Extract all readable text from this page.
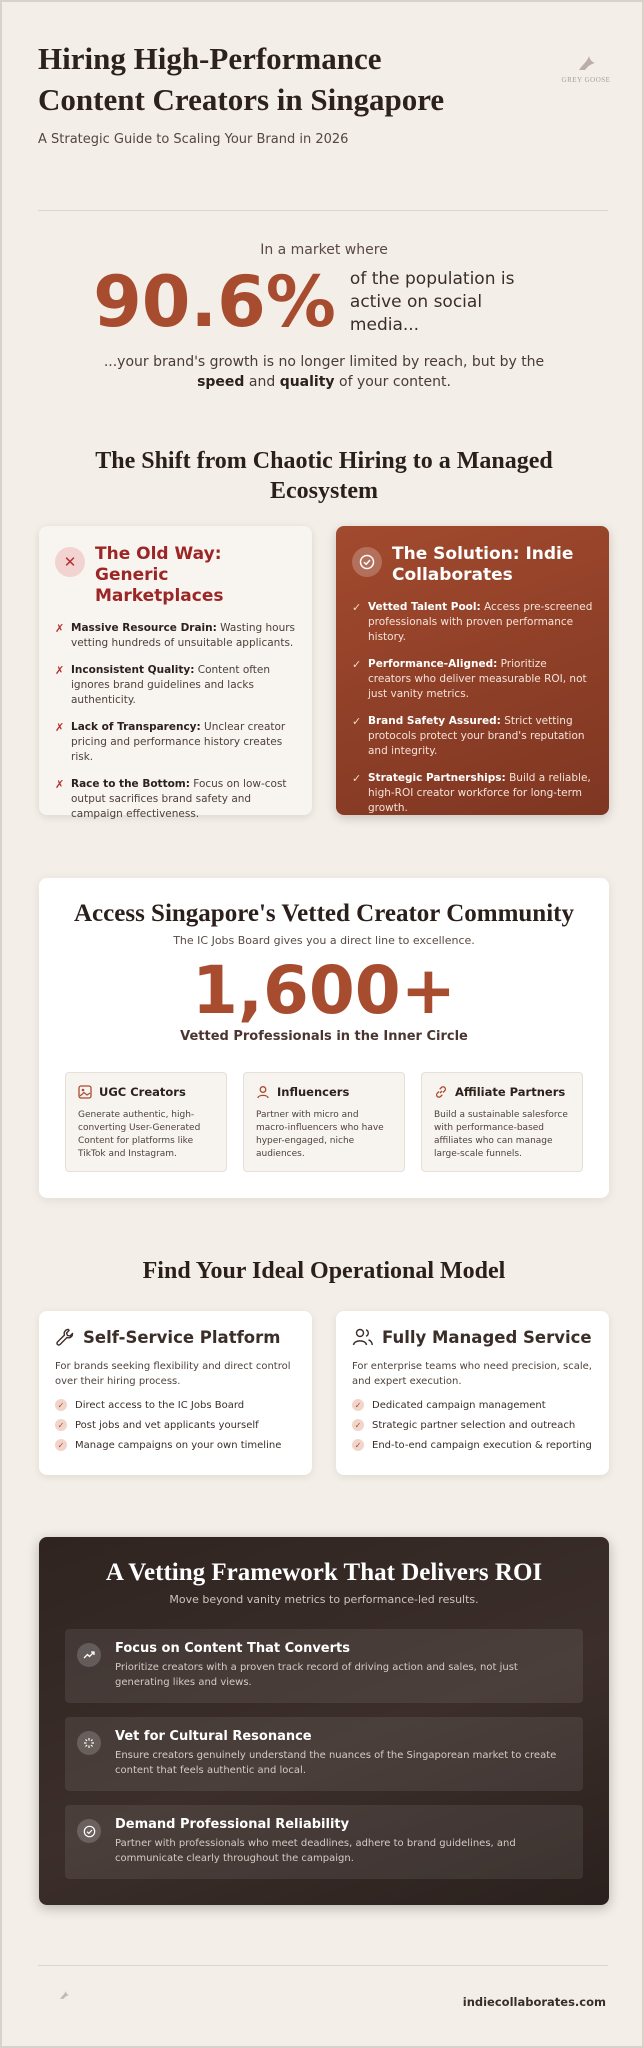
Hiring High-Performance Content Creators in Singapore
A Strategic Guide to Scaling Your Brand in 2026
GREY GOOSE
In a market where
90.6% of the population is active on social media...
...your brand's growth is no longer limited by reach, but by the speed and quality of your content.
The Shift from Chaotic Hiring to a Managed Ecosystem
✕	The Old Way: Generic Marketplaces
✗ Massive Resource Drain: Wasting hours vetting hundreds of unsuitable applicants.
✗ Inconsistent Quality: Content often ignores brand guidelines and lacks authenticity.
✗ Lack of Transparency: Unclear creator pricing and performance history creates risk.
✗ Race to the Bottom: Focus on low-cost output sacrifices brand safety and campaign effectiveness.
The Solution: Indie Collaborates
✓ Vetted Talent Pool: Access pre-screened professionals with proven performance history.
✓ Performance-Aligned: Prioritize creators who deliver measurable ROI, not just vanity metrics.
✓ Brand Safety Assured: Strict vetting protocols protect your brand's reputation and integrity.
✓ Strategic Partnerships: Build a reliable, high-ROI creator workforce for long-term growth.
Access Singapore's Vetted Creator Community
The IC Jobs Board gives you a direct line to excellence.
1,600+
Vetted Professionals in the Inner Circle
UGC Creators
Generate authentic, high-converting User-Generated Content for platforms like TikTok and Instagram.
Influencers
Partner with micro and macro-influencers who have hyper-engaged, niche audiences.
Affiliate Partners
Build a sustainable salesforce with performance-based affiliates who can manage large-scale funnels.
Find Your Ideal Operational Model
Self-Service Platform
For brands seeking flexibility and direct control over their hiring process.
✓ Direct access to the IC Jobs Board
✓ Post jobs and vet applicants yourself
✓ Manage campaigns on your own timeline
Fully Managed Service
For enterprise teams who need precision, scale, and expert execution.
✓ Dedicated campaign management
✓ Strategic partner selection and outreach
✓ End-to-end campaign execution & reporting
A Vetting Framework That Delivers ROI
Move beyond vanity metrics to performance-led results.
Focus on Content That Converts

Prioritize creators with a proven track record of driving action and sales, not just generating likes and views.

Vet for Cultural Resonance

Ensure creators genuinely understand the nuances of the Singaporean market to create content that feels authentic and local.

Demand Professional Reliability

Partner with professionals who meet deadlines, adhere to brand guidelines, and communicate clearly throughout the campaign.

indiecollaborates.com
